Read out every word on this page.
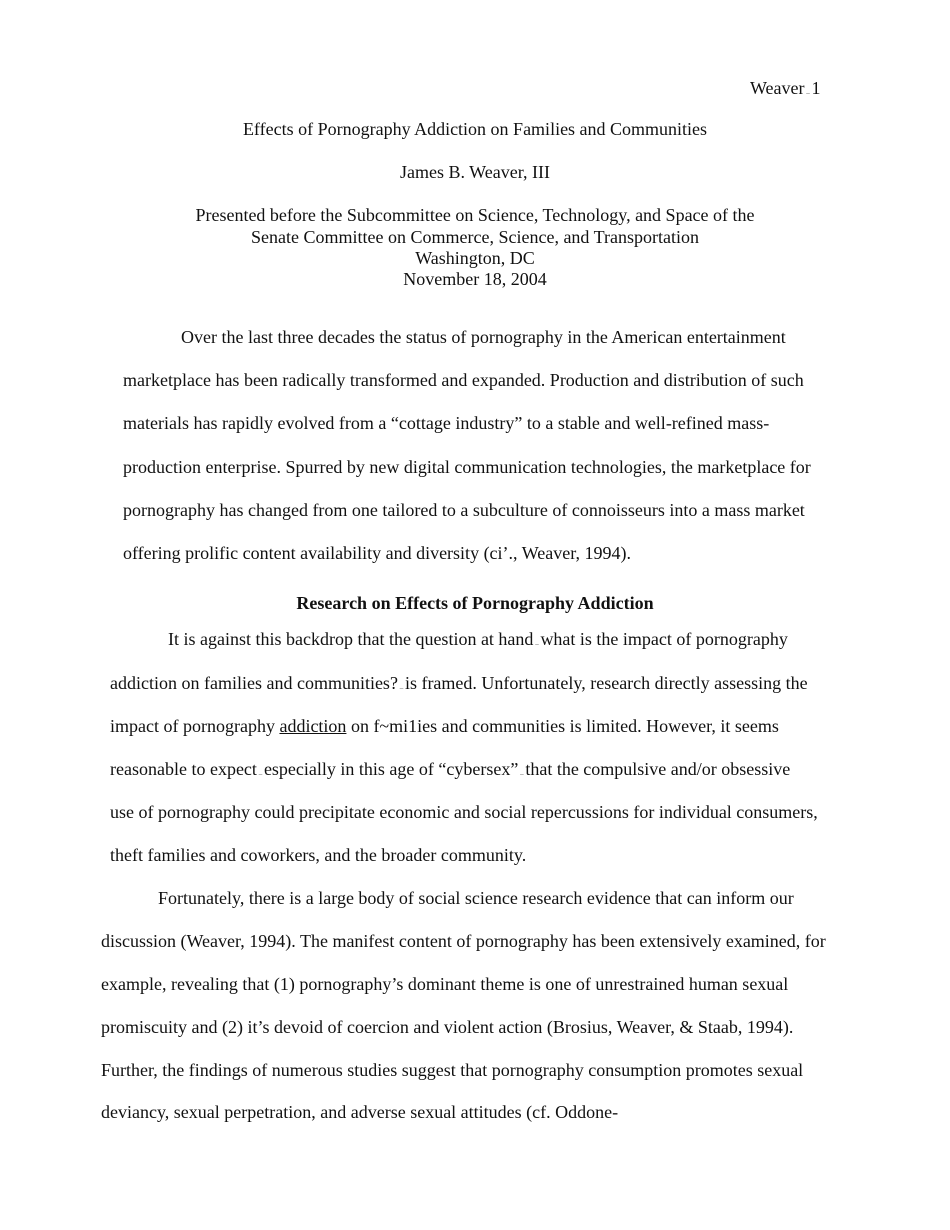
Weaver – 1
Effects of Pornography Addiction on Families and Communities
James B. Weaver, III
Presented before the Subcommittee on Science, Technology, and Space of the
Senate Committee on Commerce, Science, and Transportation
Washington, DC
November 18, 2004
Over the last three decades the status of pornography in the American entertainment
marketplace has been radically transformed and expanded. Production and distribution of such
materials has rapidly evolved from a “cottage industry” to a stable and well-refined mass-
production enterprise. Spurred by new digital communication technologies, the marketplace for
pornography has changed from one tailored to a subculture of connoisseurs into a mass market
offering prolific content availability and diversity (ci’., Weaver, 1994).
Research on Effects of Pornography Addiction
It is against this backdrop that the question at hand – what is the impact of pornography
addiction on families and communities? – is framed. Unfortunately, research directly assessing the
impact of pornography addiction on f~mi1ies and communities is limited. However, it seems
reasonable to expect – especially in this age of “cybersex” – that the compulsive and/or obsessive
use of pornography could precipitate economic and social repercussions for individual consumers,
theft families and coworkers, and the broader community.
Fortunately, there is a large body of social science research evidence that can inform our
discussion (Weaver, 1994). The manifest content of pornography has been extensively examined, for
example, revealing that (1) pornography’s dominant theme is one of unrestrained human sexual
promiscuity and (2) it’s devoid of coercion and violent action (Brosius, Weaver, & Staab, 1994).
Further, the findings of numerous studies suggest that pornography consumption promotes sexual
deviancy, sexual perpetration, and adverse sexual attitudes (cf. Oddone-
